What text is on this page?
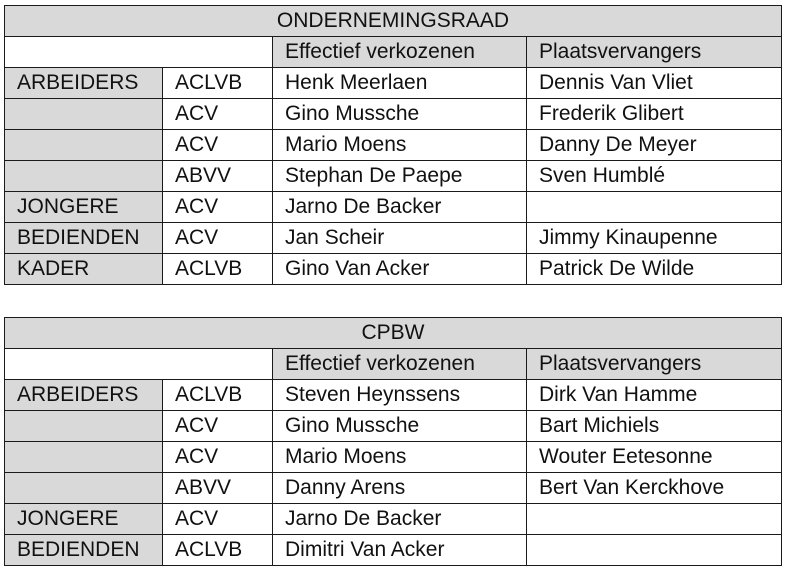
ONDERNEMINGSRAAD			
		Effectief verkozenen	Plaatsvervangers
ARBEIDERS	ACLVB	Henk Meerlaen	Dennis Van Vliet
	ACV	Gino Mussche	Frederik Glibert
	ACV	Mario Moens	Danny De Meyer
	ABVV	Stephan De Paepe	Sven Humblé
JONGERE	ACV	Jarno De Backer	
BEDIENDEN	ACV	Jan Scheir	Jimmy Kinaupenne
KADER	ACLVB	Gino Van Acker	Patrick De Wilde
CPBW			
		Effectief verkozenen	Plaatsvervangers
ARBEIDERS	ACLVB	Steven Heynssens	Dirk Van Hamme
	ACV	Gino Mussche	Bart Michiels
	ACV	Mario Moens	Wouter Eetesonne
	ABVV	Danny Arens	Bert Van Kerckhove
JONGERE	ACV	Jarno De Backer	
BEDIENDEN	ACLVB	Dimitri Van Acker	
